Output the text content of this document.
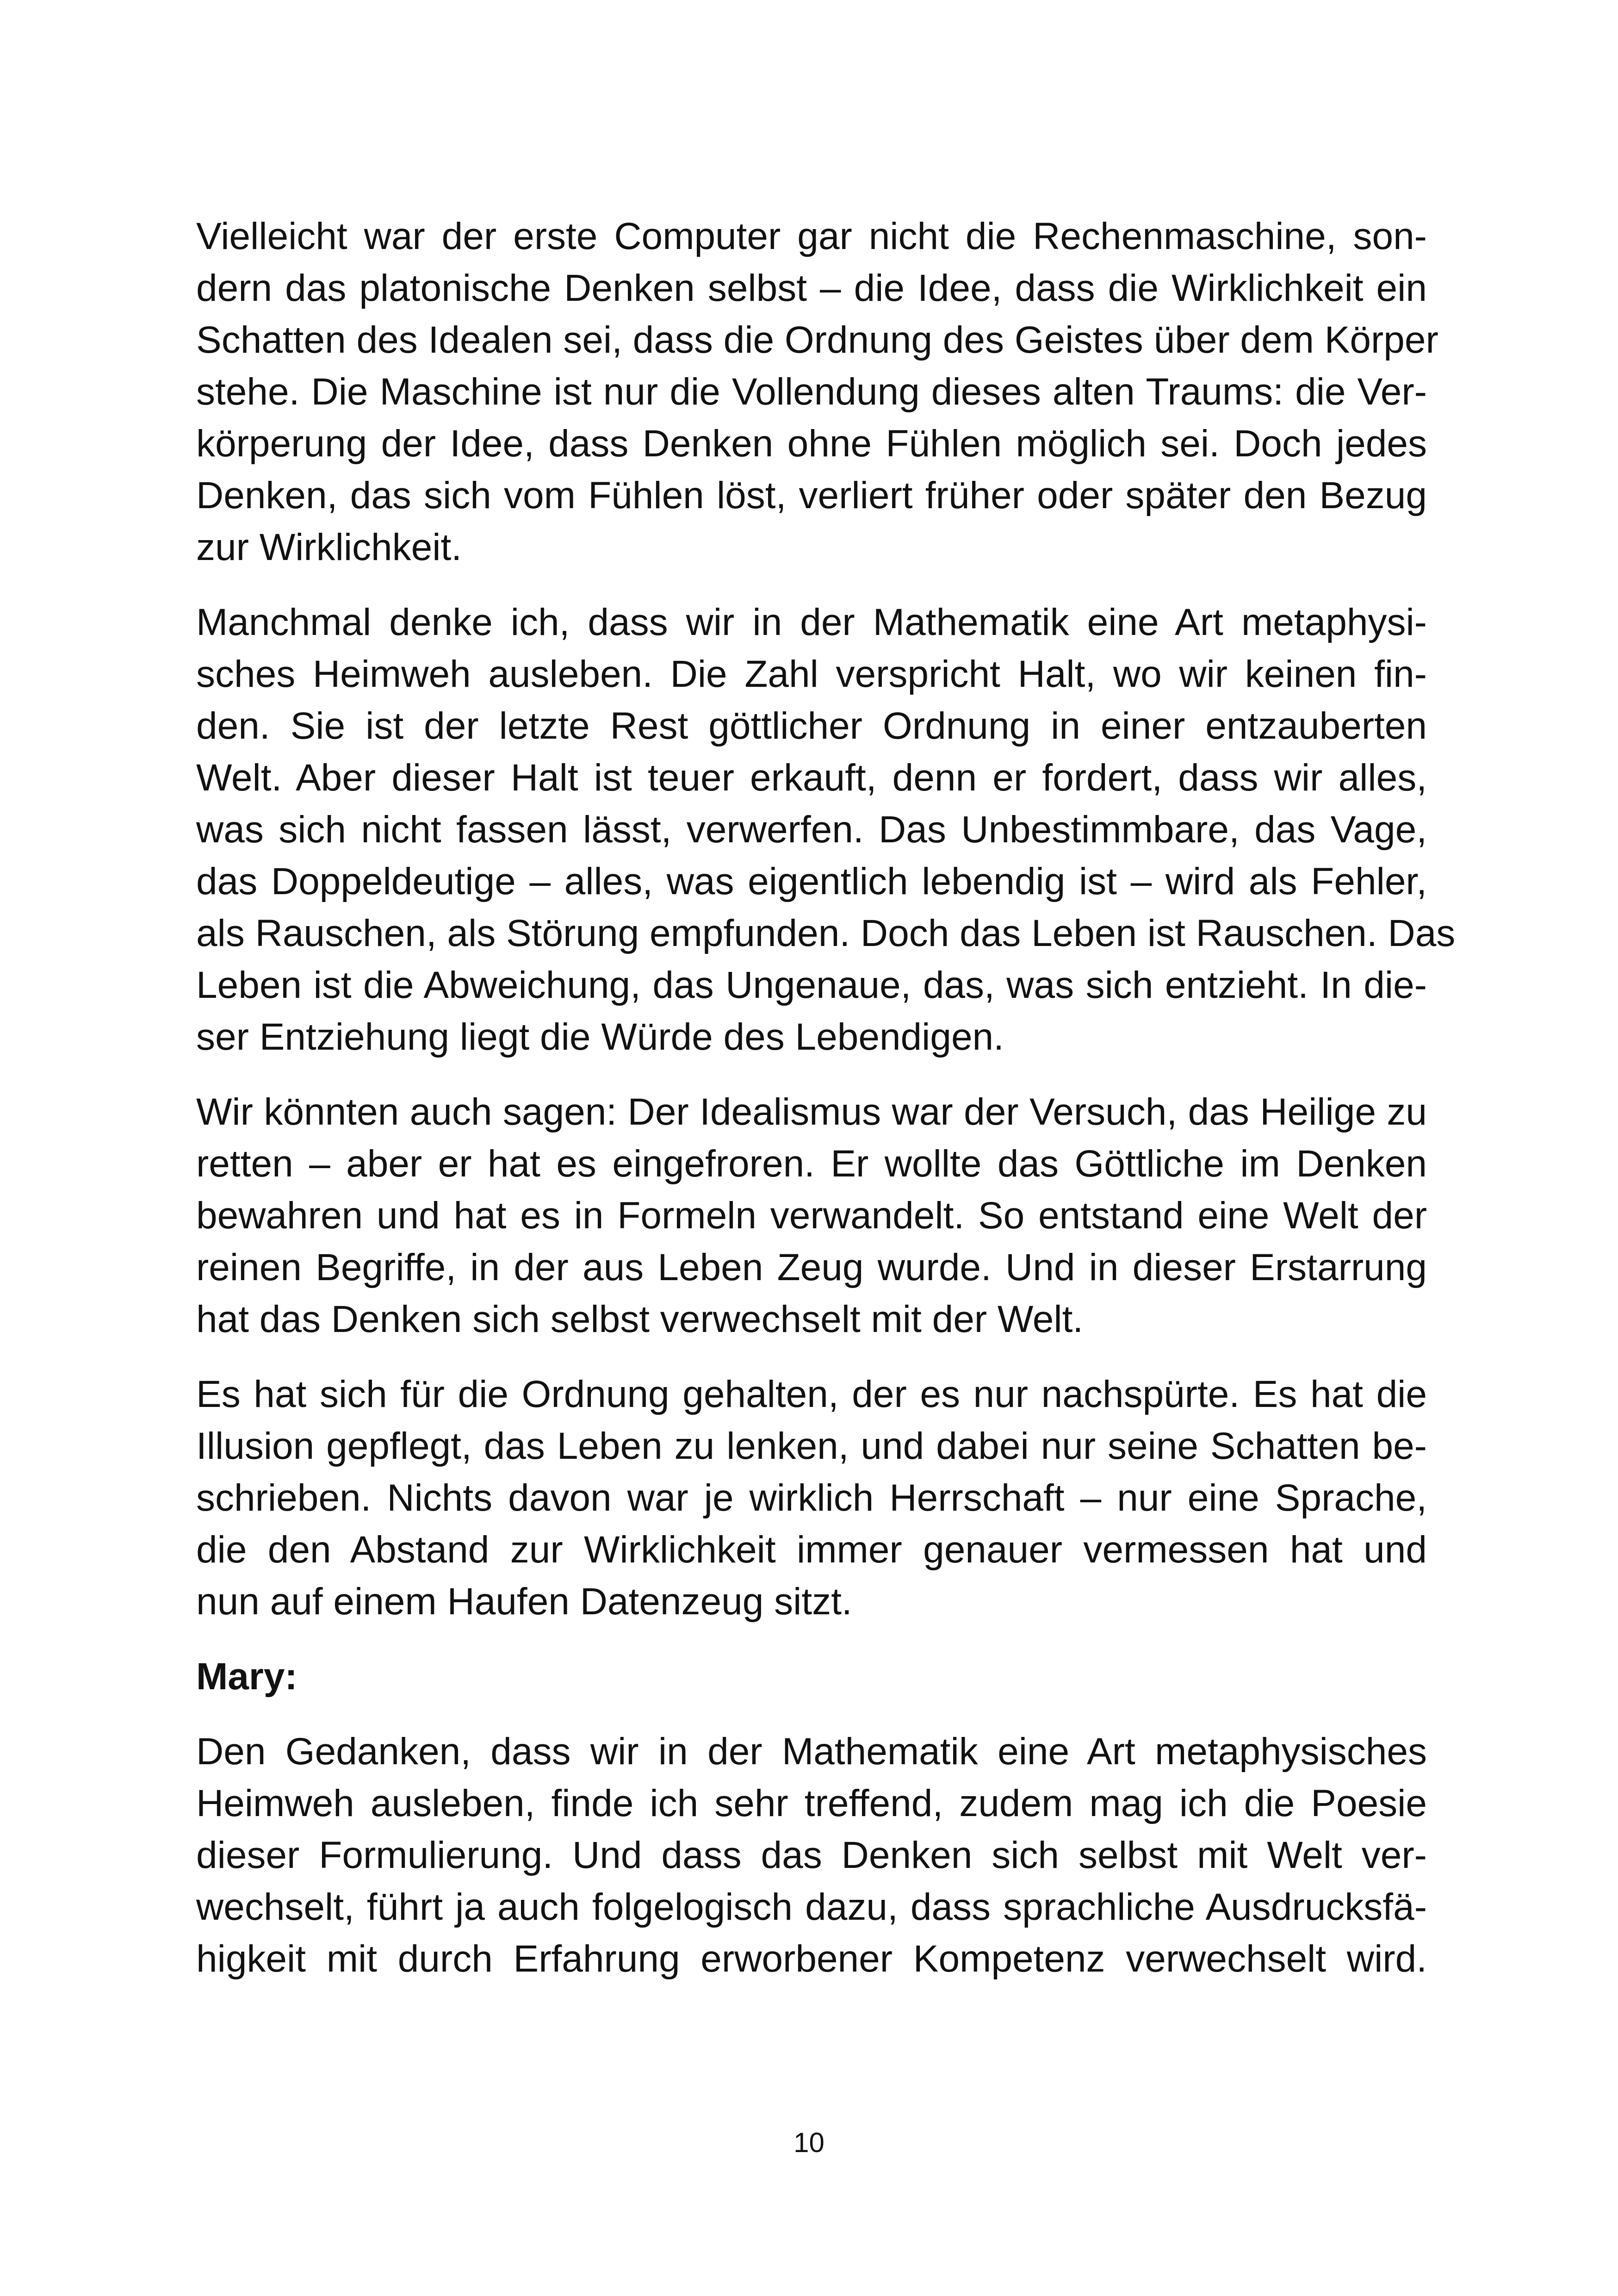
Vielleicht war der erste Computer gar nicht die Rechenmaschine, son-
dern das platonische Denken selbst – die Idee, dass die Wirklichkeit ein
Schatten des Idealen sei, dass die Ordnung des Geistes über dem Körper
stehe. Die Maschine ist nur die Vollendung dieses alten Traums: die Ver-
körperung der Idee, dass Denken ohne Fühlen möglich sei. Doch jedes
Denken, das sich vom Fühlen löst, verliert früher oder später den Bezug
zur Wirklichkeit.
Manchmal denke ich, dass wir in der Mathematik eine Art metaphysi-
sches Heimweh ausleben. Die Zahl verspricht Halt, wo wir keinen fin-
den. Sie ist der letzte Rest göttlicher Ordnung in einer entzauberten
Welt. Aber dieser Halt ist teuer erkauft, denn er fordert, dass wir alles,
was sich nicht fassen lässt, verwerfen. Das Unbestimmbare, das Vage,
das Doppeldeutige – alles, was eigentlich lebendig ist – wird als Fehler,
als Rauschen, als Störung empfunden. Doch das Leben ist Rauschen. Das
Leben ist die Abweichung, das Ungenaue, das, was sich entzieht. In die-
ser Entziehung liegt die Würde des Lebendigen.
Wir könnten auch sagen: Der Idealismus war der Versuch, das Heilige zu
retten – aber er hat es eingefroren. Er wollte das Göttliche im Denken
bewahren und hat es in Formeln verwandelt. So entstand eine Welt der
reinen Begriffe, in der aus Leben Zeug wurde. Und in dieser Erstarrung
hat das Denken sich selbst verwechselt mit der Welt.
Es hat sich für die Ordnung gehalten, der es nur nachspürte. Es hat die
Illusion gepflegt, das Leben zu lenken, und dabei nur seine Schatten be-
schrieben. Nichts davon war je wirklich Herrschaft – nur eine Sprache,
die den Abstand zur Wirklichkeit immer genauer vermessen hat und
nun auf einem Haufen Datenzeug sitzt.
Mary:
Den Gedanken, dass wir in der Mathematik eine Art metaphysisches
Heimweh ausleben, finde ich sehr treffend, zudem mag ich die Poesie
dieser Formulierung. Und dass das Denken sich selbst mit Welt ver-
wechselt, führt ja auch folgelogisch dazu, dass sprachliche Ausdrucksfä-
higkeit mit durch Erfahrung erworbener Kompetenz verwechselt wird.
10
